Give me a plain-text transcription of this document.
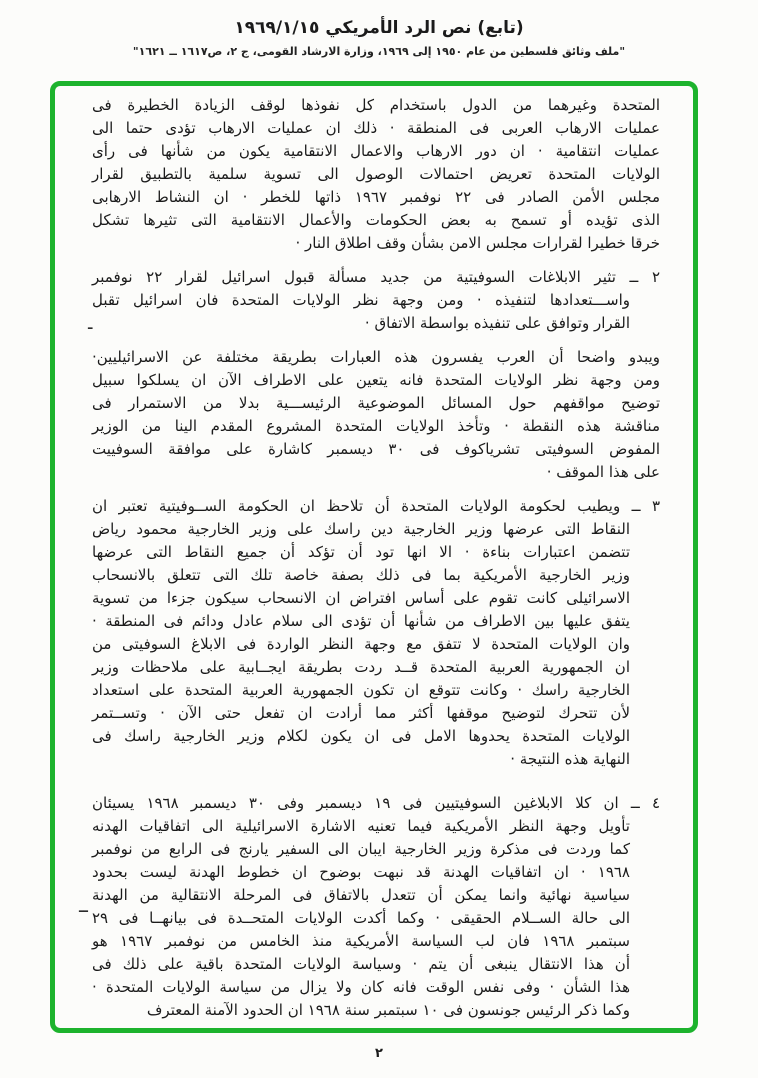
(تابع) نص الرد الأمريكي ١٩٦٩/١/١٥
"ملف وثائق فلسطين من عام ١٩٥٠ إلى ١٩٦٩، وزارة الارشاد القومى، ج ٢، ص١٦١٧ ــ ١٦٢١"
المتحدة وغيرهما من الدول باستخدام كل نفوذها لوقف الزيادة الخطيرة فى
عمليات الارهاب العربى فى المنطقة · ذلك ان عمليات الارهاب تؤدى حتما الى
عمليات انتقامية · ان دور الارهاب والاعمال الانتقامية يكون من شأنها فى رأى
الولايات المتحدة تعريض احتمالات الوصول الى تسوية سلمية بالتطبيق لقرار
مجلس الأمن الصادر فى ٢٢ نوفمبر ١٩٦٧ ذاتها للخطر · ان النشاط الارهابى
الذى تؤيده أو تسمح به بعض الحكومات والأعمال الانتقامية التى تثيرها تشكل
خرقا خطيرا لقرارات مجلس الامن بشأن وقف اطلاق النار ·
٢ ــ تثير الابلاغات السوفيتية من جديد مسألة قبول اسرائيل لقرار ٢٢ نوفمبر
واســـتعدادها لتنفيذه · ومن وجهة نظر الولايات المتحدة فان اسرائيل تقبل
القرار وتوافق على تنفيذه بواسطة الاتفاق ·
ويبدو واضحا أن العرب يفسرون هذه العبارات بطريقة مختلفة عن الاسرائيليين·
ومن وجهة نظر الولايات المتحدة فانه يتعين على الاطراف الآن ان يسلكوا سبيل
توضيح مواقفهم حول المسائل الموضوعية الرئيســـية بدلا من الاستمرار فى
مناقشة هذه النقطة · وتأخذ الولايات المتحدة المشروع المقدم الينا من الوزير
المفوض السوفيتى تشرياكوف فى ٣٠ ديسمبر كاشارة على موافقة السوفييت
على هذا الموقف ·
٣ ــ ويطيب لحكومة الولايات المتحدة أن تلاحظ ان الحكومة الســوفيتية تعتبر ان
النقاط التى عرضها وزير الخارجية دين راسك على وزير الخارجية محمود رياض
تتضمن اعتبارات بناءة · الا انها تود أن تؤكد أن جميع النقاط التى عرضها
وزير الخارجية الأمريكية بما فى ذلك بصفة خاصة تلك التى تتعلق بالانسحاب
الاسرائيلى كانت تقوم على أساس افتراض ان الانسحاب سيكون جزءا من تسوية
يتفق عليها بين الاطراف من شأنها أن تؤدى الى سلام عادل ودائم فى المنطقة ·
وان الولايات المتحدة لا تتفق مع وجهة النظر الواردة فى الابلاغ السوفيتى من
ان الجمهورية العربية المتحدة قــد ردت بطريقة ايجــابية على ملاحظات وزير
الخارجية راسك · وكانت تتوقع ان تكون الجمهورية العربية المتحدة على استعداد
لأن تتحرك لتوضيح موقفها أكثر مما أرادت ان تفعل حتى الآن · وتســتمر
الولايات المتحدة يحدوها الامل فى ان يكون لكلام وزير الخارجية راسك فى
النهاية هذه النتيجة ·
٤ ــ ان كلا الابلاغين السوفيتيين فى ١٩ ديسمبر وفى ٣٠ ديسمبر ١٩٦٨ يسيئان
تأويل وجهة النظر الأمريكية فيما تعنيه الاشارة الاسرائيلية الى اتفاقيات الهدنه
كما وردت فى مذكرة وزير الخارجية ايبان الى السفير يارنج فى الرابع من نوفمبر
١٩٦٨ · ان اتفاقيات الهدنة قد نبهت بوضوح ان خطوط الهدنة ليست بحدود
سياسية نهائية وانما يمكن أن تتعدل بالاتفاق فى المرحلة الانتقالية من الهدنة
الى حالة الســلام الحقيقى · وكما أكدت الولايات المتحــدة فى بيانهــا فى ٢٩
سبتمبر ١٩٦٨ فان لب السياسة الأمريكية منذ الخامس من نوفمبر ١٩٦٧ هو
أن هذا الانتقال ينبغى أن يتم · وسياسة الولايات المتحدة باقية على ذلك فى
هذا الشأن · وفى نفس الوقت فانه كان ولا يزال من سياسة الولايات المتحدة ·
وكما ذكر الرئيس جونسون فى ١٠ سبتمبر سنة ١٩٦٨ ان الحدود الآمنة المعترف
ـ
ــ
٢
